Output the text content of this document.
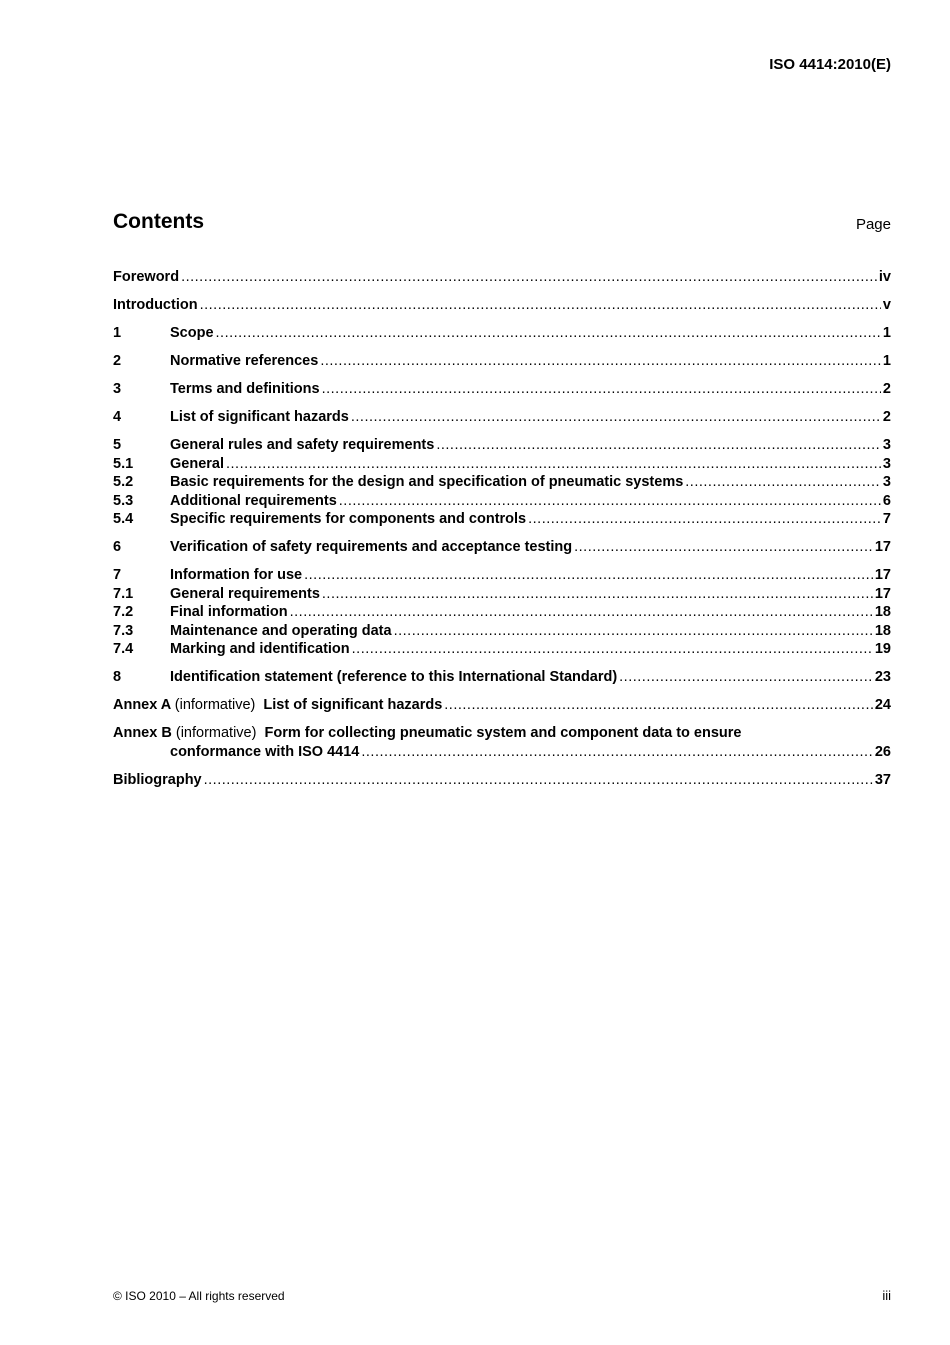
ISO 4414:2010(E)
Contents	Page
Foreword .....	iv
Introduction .....	v
1	Scope .....	1
2	Normative references .....	1
3	Terms and definitions .....	2
4	List of significant hazards .....	2
5	General rules and safety requirements .....	3
5.1	General .....	3
5.2	Basic requirements for the design and specification of pneumatic systems .....	3
5.3	Additional requirements .....	6
5.4	Specific requirements for components and controls .....	7
6	Verification of safety requirements and acceptance testing .....	17
7	Information for use .....	17
7.1	General requirements .....	17
7.2	Final information .....	18
7.3	Maintenance and operating data .....	18
7.4	Marking and identification .....	19
8	Identification statement (reference to this International Standard) .....	23
Annex A (informative) List of significant hazards .....	24
Annex B (informative) Form for collecting pneumatic system and component data to ensure
conformance with ISO 4414 .....	26
Bibliography .....	37
© ISO 2010 – All rights reserved	iii
